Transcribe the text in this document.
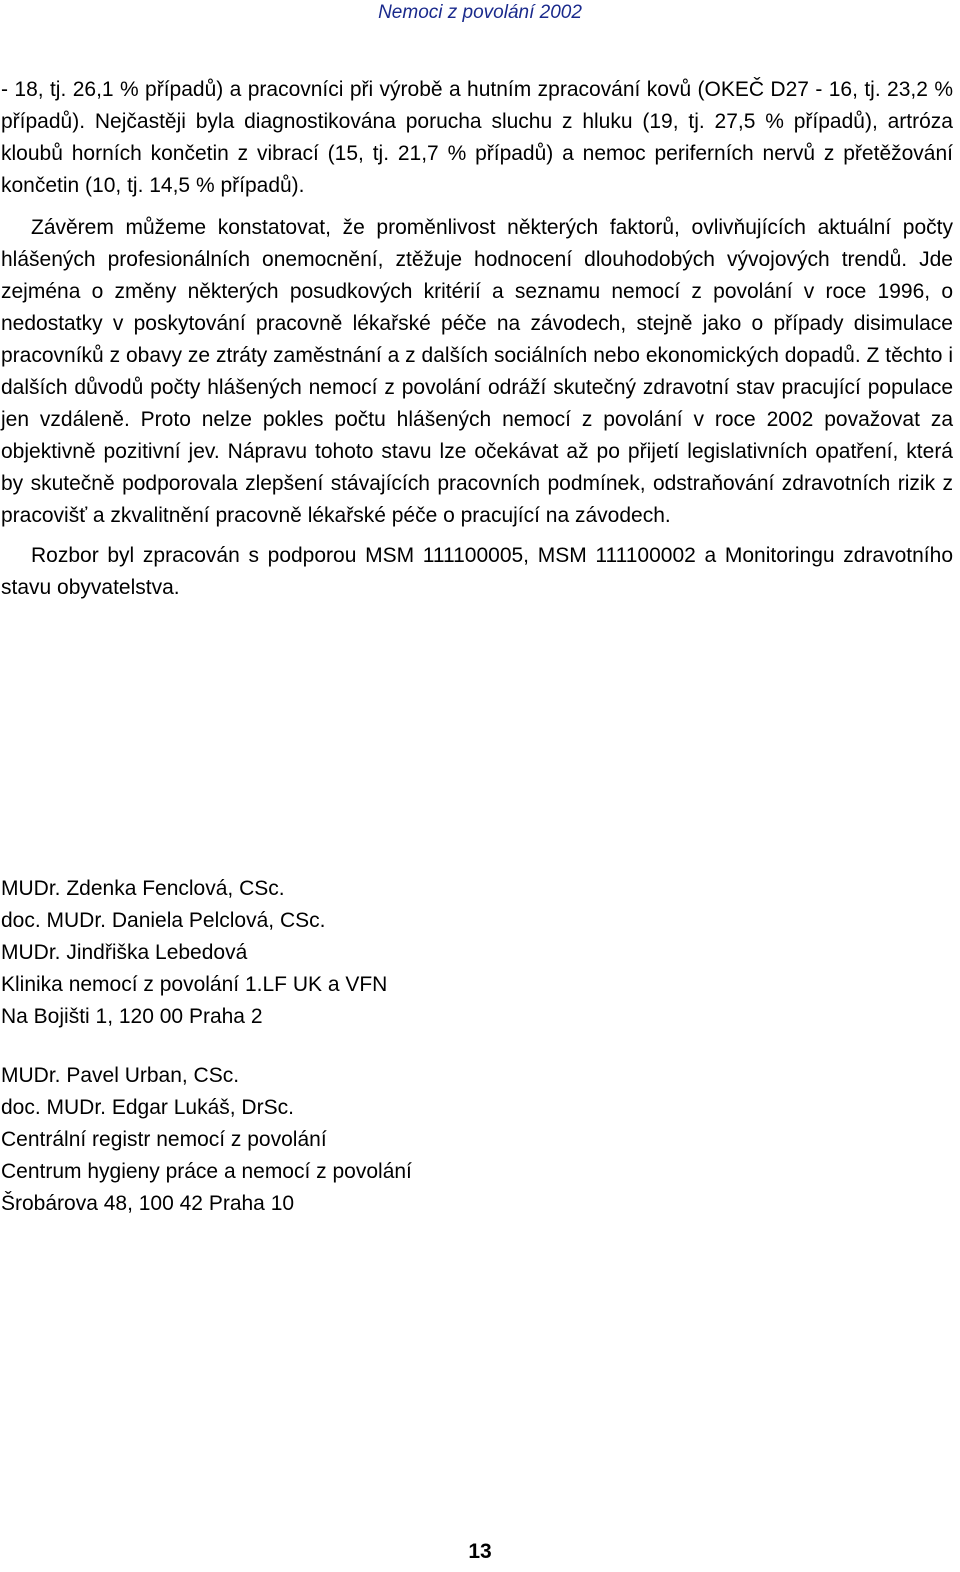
Nemoci z povolání 2002

- 18, tj. 26,1 % případů) a pracovníci při výrobě a hutním zpracování kovů (OKEČ D27 - 16, tj. 23,2 % případů). Nejčastěji byla diagnostikována porucha sluchu z hluku (19, tj. 27,5 % případů), artróza kloubů horních končetin z vibrací (15, tj. 21,7 % případů) a nemoc periferních nervů z přetěžování končetin (10, tj. 14,5 % případů).

Závěrem můžeme konstatovat, že proměnlivost některých faktorů, ovlivňujících aktuální počty hlášených profesionálních onemocnění, ztěžuje hodnocení dlouhodobých vývojových trendů. Jde zejména o změny některých posudkových kritérií a seznamu nemocí z povolání v roce 1996, o nedostatky v poskytování pracovně lékařské péče na závodech, stejně jako o případy disimulace pracovníků z obavy ze ztráty zaměstnání a z dalších sociálních nebo ekonomických dopadů. Z těchto i dalších důvodů počty hlášených nemocí z povolání odráží skutečný zdravotní stav pracující populace jen vzdáleně. Proto nelze pokles počtu hlášených nemocí z povolání v roce 2002 považovat za objektivně pozitivní jev. Nápravu tohoto stavu lze očekávat až po přijetí legislativních opatření, která by skutečně podporovala zlepšení stávajících pracovních podmínek, odstraňování zdravotních rizik z pracovišť a zkvalitnění pracovně lékařské péče o pracující na závodech.

Rozbor byl zpracován s podporou MSM 111100005, MSM 111100002 a Monitoringu zdravotního stavu obyvatelstva.

MUDr. Zdenka Fenclová, CSc.
doc. MUDr. Daniela Pelclová, CSc.
MUDr. Jindřiška Lebedová
Klinika nemocí z povolání 1.LF UK a VFN
Na Bojišti 1, 120 00 Praha 2
MUDr. Pavel Urban, CSc.
doc. MUDr. Edgar Lukáš, DrSc.
Centrální registr nemocí z povolání
Centrum hygieny práce a nemocí z povolání
Šrobárova 48, 100 42 Praha 10
13
